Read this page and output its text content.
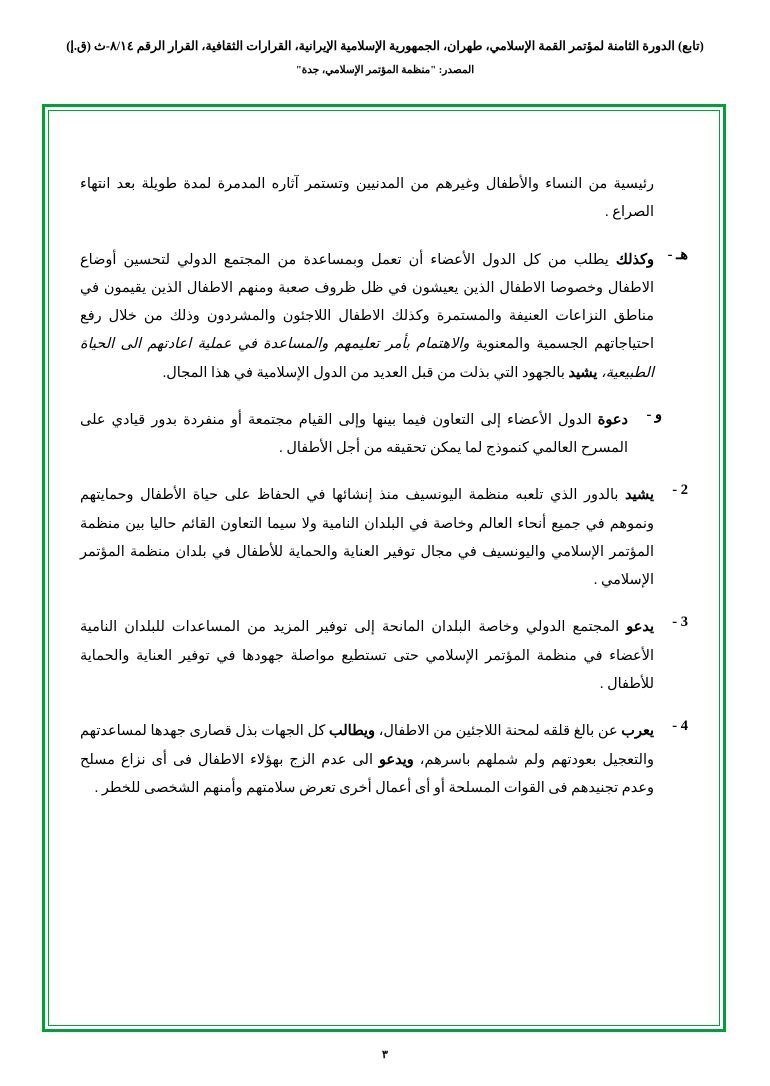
(تابع) الدورة الثامنة لمؤتمر القمة الإسلامي، طهران، الجمهورية الإسلامية الإيرانية، القرارات الثقافية، القرار الرقم ٨/١٤-ث (ق.إ)
المصدر: "منظمة المؤتمر الإسلامي، جدة"
رئيسية من النساء والأطفال وغيرهم من المدنيين وتستمر آثاره المدمرة لمدة طويلة بعد انتهاء الصراع .
هـ -
وكذلك يطلب من كل الدول الأعضاء أن تعمل وبمساعدة من المجتمع الدولي لتحسين أوضاع الاطفال وخصوصا الاطفال الذين يعيشون في ظل ظروف صعبة ومنهم الاطفال الذين يقيمون في مناطق النزاعات العنيفة والمستمرة وكذلك الاطفال اللاجئون والمشردون وذلك من خلال رفع احتياجاتهم الجسمية والمعنوية والاهتمام بأمر تعليمهم والمساعدة في عملية اعادتهم الى الحياة الطبيعية، يشيد بالجهود التي بذلت من قبل العديد من الدول الإسلامية في هذا المجال.
و -
دعوة الدول الأعضاء إلى التعاون فيما بينها وإلى القيام مجتمعة أو منفردة بدور قيادي على المسرح العالمي كنموذج لما يمكن تحقيقه من أجل الأطفال .
2 -
يشيد بالدور الذي تلعبه منظمة اليونسيف منذ إنشائها في الحفاظ على حياة الأطفال وحمايتهم ونموهم في جميع أنحاء العالم وخاصة في البلدان النامية ولا سيما التعاون القائم حاليا بين منظمة المؤتمر الإسلامي واليونسيف في مجال توفير العناية والحماية للأطفال في بلدان منظمة المؤتمر الإسلامي .
3 -
يدعو المجتمع الدولي وخاصة البلدان المانحة إلى توفير المزيد من المساعدات للبلدان النامية الأعضاء في منظمة المؤتمر الإسلامي حتى تستطيع مواصلة جهودها في توفير العناية والحماية للأطفال .
4 -
يعرب عن بالغ قلقه لمحنة اللاجئين من الاطفال، ويطالب كل الجهات بذل قصارى جهدها لمساعدتهم والتعجيل بعودتهم ولم شملهم باسرهم، ويدعو الى عدم الزج بهؤلاء الاطفال فى أى نزاع مسلح وعدم تجنيدهم فى القوات المسلحة أو أى أعمال أخرى تعرض سلامتهم وأمنهم الشخصى للخطر .
٣
